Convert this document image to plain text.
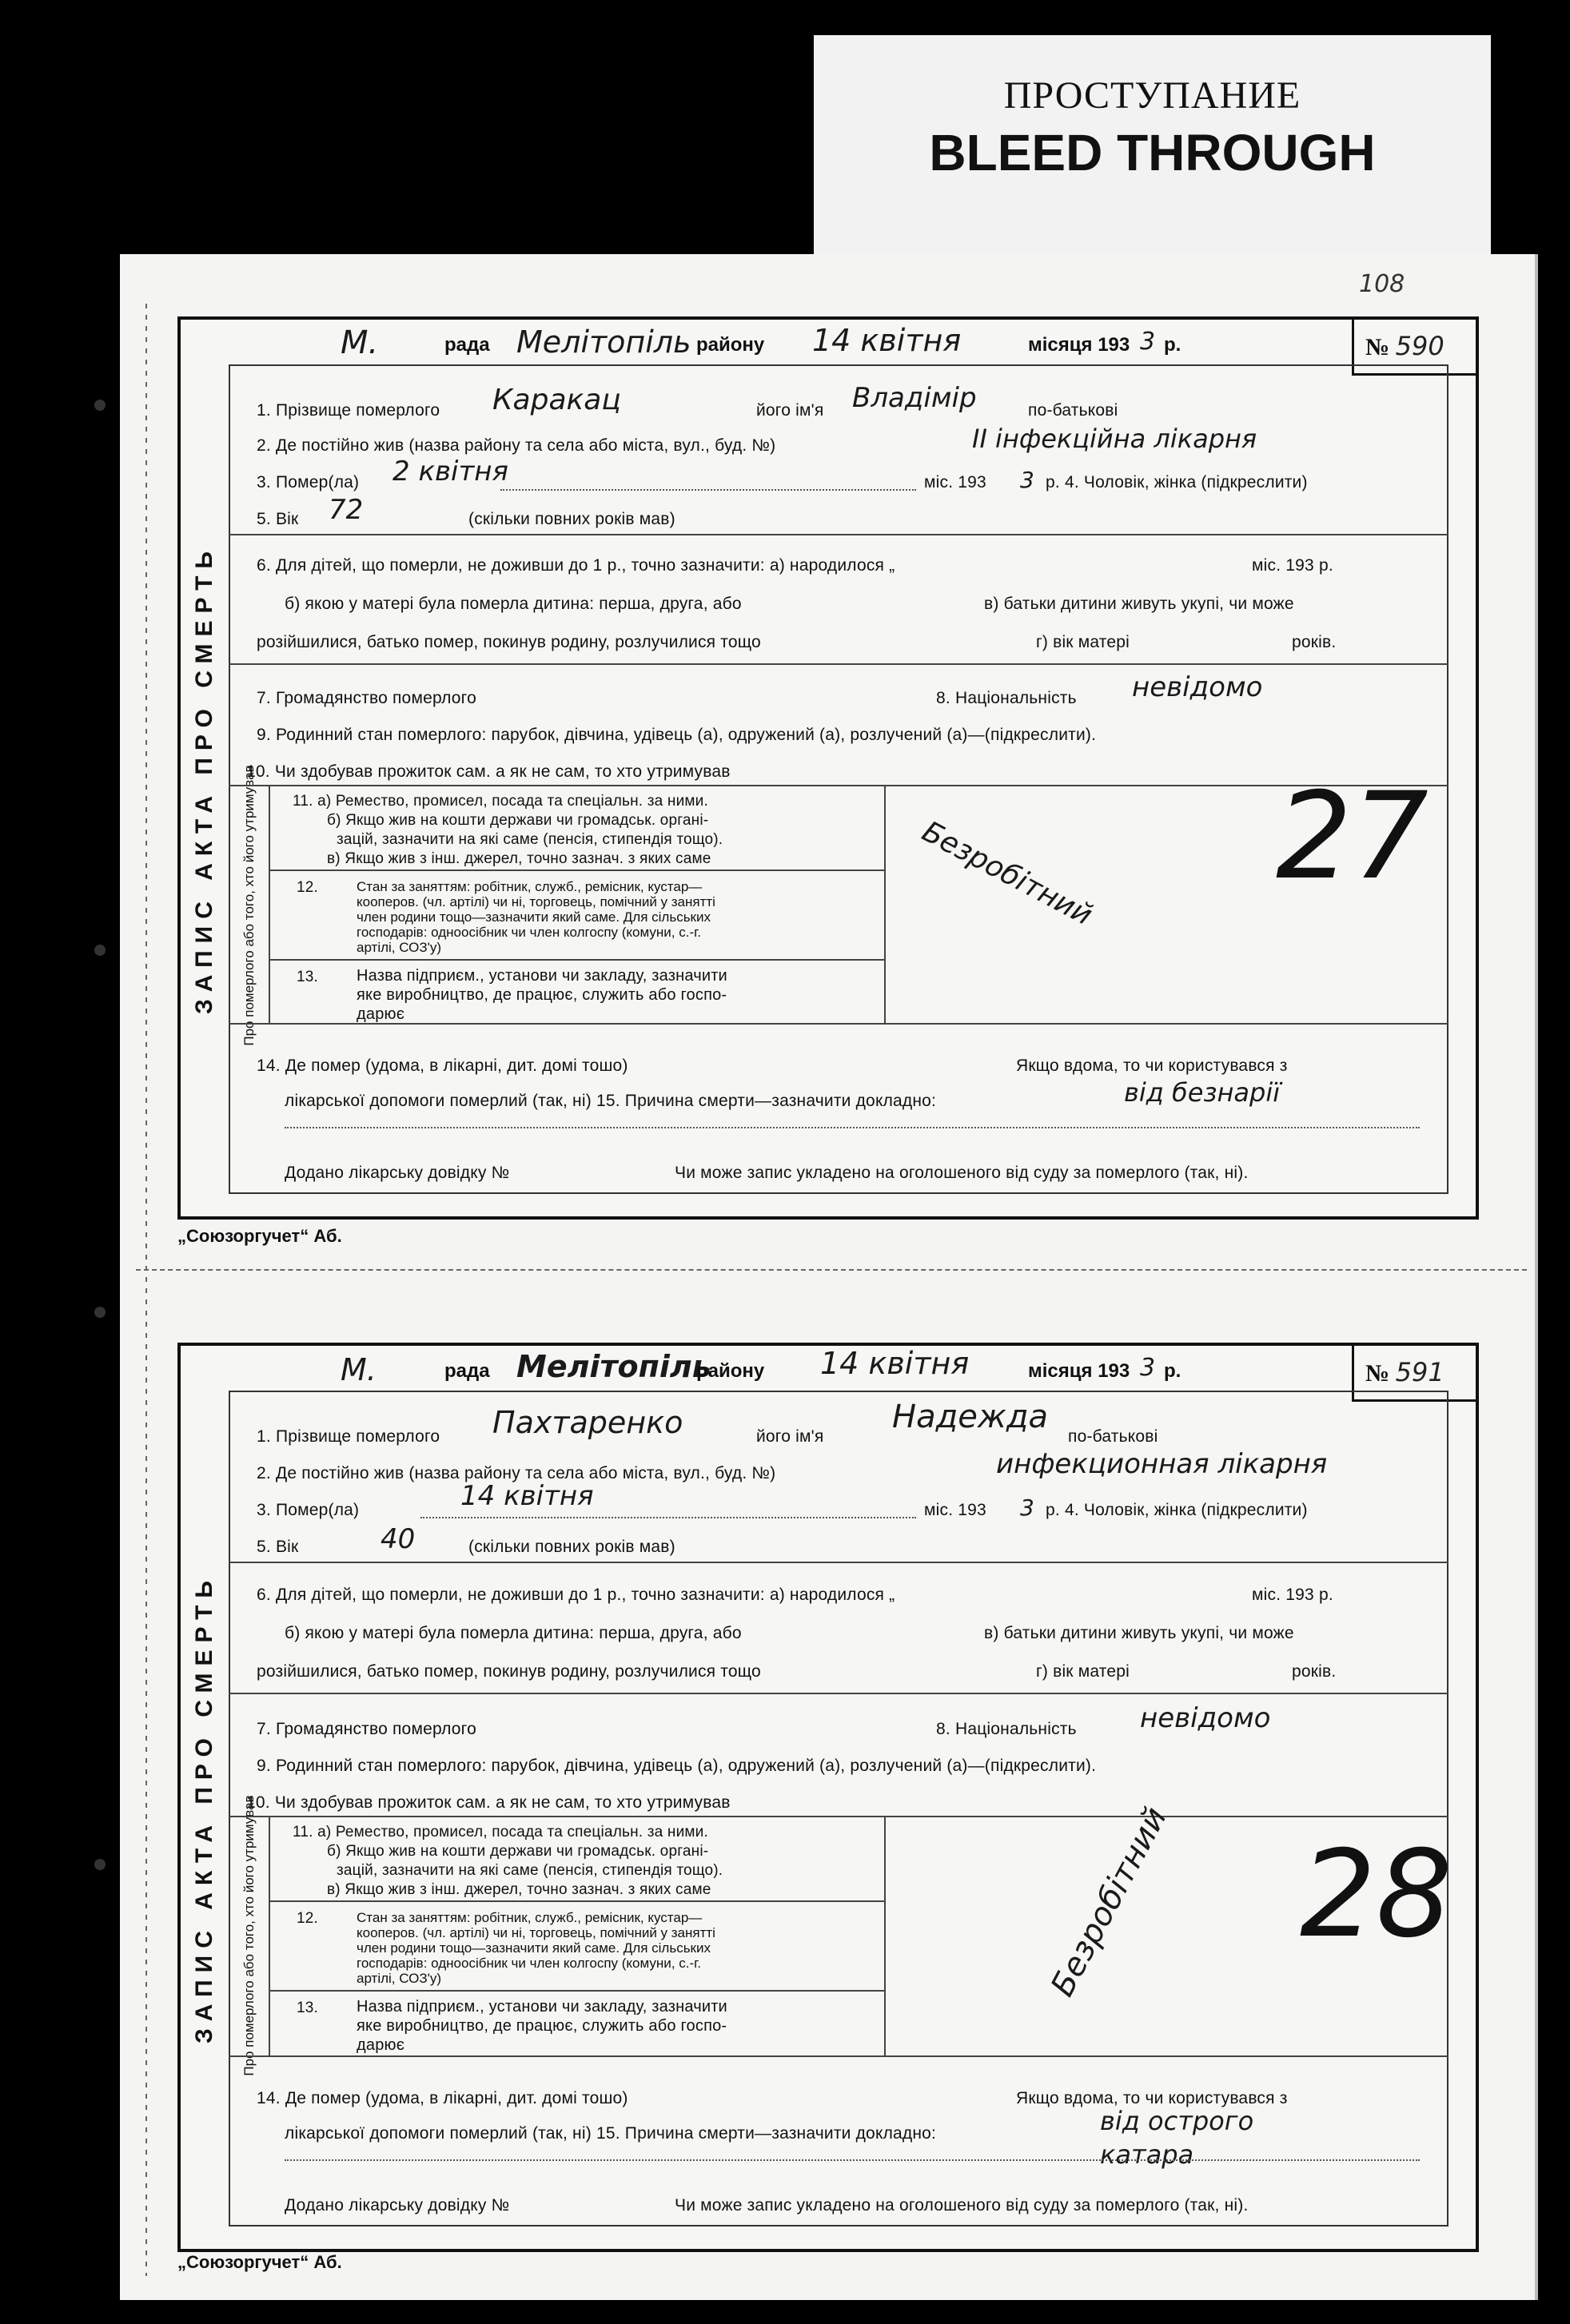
ПРОСТУПАНИЕ
BLEED THROUGH
108
М.	рада Мелітопіль району 14 квітня	місяця 193 3 р.	№ 590
ЗАПИС АКТА ПРО СМЕРТЬ Про померлого або того, хто його утримував
1. Прізвище померлого Каракац	його ім'я Владімір	по-батькові
2. Де постійно жив (назва району та села або міста, вул., буд. №)	II інфекційна лікарня
3. Помер(ла) 2 квітня	міс. 193 3 р. 4. Чоловік, жінка (підкреслити)
5. Вік 72	(скільки повних років мав)
6. Для дітей, що померли, не доживши до 1 р., точно зазначити: а) народилося „	міс. 193 р.
б) якою у матері була померла дитина: перша, друга, або	в) батьки дитини живуть укупі, чи може
розійшилися, батько помер, покинув родину, розлучилися тощо	г) вік матері	років.
7. Громадянство померлого	8. Національність невідомо
9. Родинний стан померлого: парубок, дівчина, удівець (а), одружений (а), розлучений (а)—(підкреслити).
10. Чи здобував прожиток сам. а як не сам, то хто утримував
11. а) Ремество, промисел, посада та спеціальн. за ними.
б) Якщо жив на кошти держави чи громадськ. органі-
зацій, зазначити на які саме (пенсія, стипендія тощо).
в) Якщо жив з інш. джерел, точно зазнач. з яких саме
12.	Стан за заняттям: робітник, служб., ремісник, кустар—
кооперов. (чл. артілі) чи ні, торговець, помічний у занятті
член родини тощо—зазначити який саме. Для сільських
господарів: одноосібник чи член колгоспу (комуни, с.-г.
артілі, СОЗ'у)
13. Назва підприєм., установи чи закладу, зазначити
яке виробництво, де працює, служить або госпо-
дарює
Безробітний 27
14. Де помер (удома, в лікарні, дит. домі тошо)	Якщо вдома, то чи користувався з
лікарської допомоги померлий (так, ні) 15. Причина смерти—зазначити докладно:	від безнарії
Додано лікарську довідку №	Чи може запис укладено на оголошеного від суду за померлого (так, ні).
„Союзоргучет“ Аб.
М.	рада Мелітопіль
району 14 квітня	місяця 193 3 р.	№ 591
ЗАПИС АКТА ПРО СМЕРТЬ Про померлого або того, хто його утримував
1. Прізвище померлого Пахтаренко	його ім'я
Надежда
по-батькові
2. Де постійно жив (назва району та села або міста, вул., буд. №)	инфекционная лікарня
3. Помер(ла)	14 квітня	міс. 193 3 р. 4. Чоловік, жінка (підкреслити)
5. Вік	40	(скільки повних років мав)
6. Для дітей, що померли, не доживши до 1 р., точно зазначити: а) народилося „	міс. 193 р.
б) якою у матері була померла дитина: перша, друга, або	в) батьки дитини живуть укупі, чи може
розійшилися, батько помер, покинув родину, розлучилися тощо	г) вік матері	років.
7. Громадянство померлого	8. Національність невідомо
9. Родинний стан померлого: парубок, дівчина, удівець (а), одружений (а), розлучений (а)—(підкреслити).
10. Чи здобував прожиток сам. а як не сам, то хто утримував
11. а) Ремество, промисел, посада та спеціальн. за ними.
б) Якщо жив на кошти держави чи громадськ. органі-
зацій, зазначити на які саме (пенсія, стипендія тощо).
в) Якщо жив з інш. джерел, точно зазнач. з яких саме
12.	Стан за заняттям: робітник, служб., ремісник, кустар—
кооперов. (чл. артілі) чи ні, торговець, помічний у занятті
член родини тощо—зазначити який саме. Для сільських
господарів: одноосібник чи член колгоспу (комуни, с.-г.
артілі, СОЗ'у)
13. Назва підприєм., установи чи закладу, зазначити
яке виробництво, де працює, служить або госпо-
дарює
Безробітний 28
14. Де помер (удома, в лікарні, дит. домі тошо)	Якщо вдома, то чи користувався з
лікарської допомоги померлий (так, ні) 15. Причина смерти—зазначити докладно:	від острого катара
Додано лікарську довідку №	Чи може запис укладено на оголошеного від суду за померлого (так, ні).
„Союзоргучет“ Аб.
